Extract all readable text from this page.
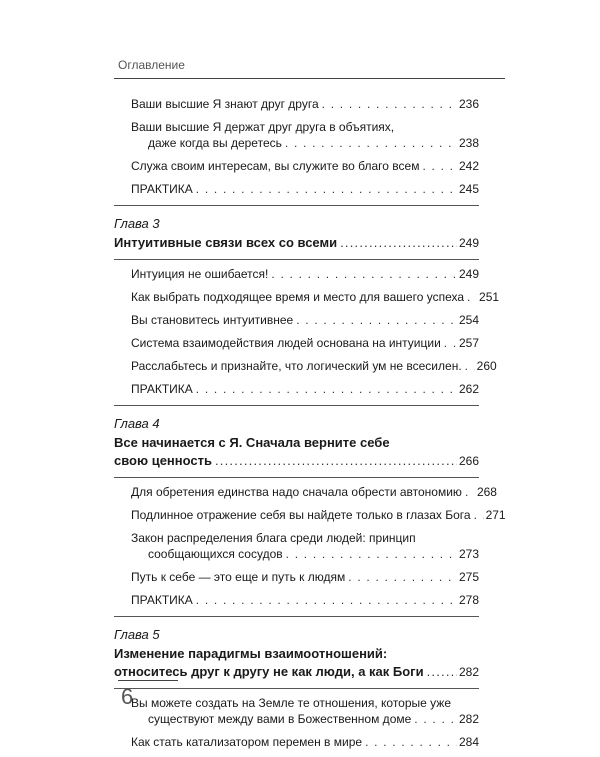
Оглавление
Ваши высшие Я знают друг друга . . .	236
Ваши высшие Я держат друг друга в объятиях,
даже когда вы деретесь . . .	238
Служа своим интересам, вы служите во благо всем . . .	242
ПРАКТИКА . . .	245
Глава 3
Интуитивные связи всех со всеми .....	249
Интуиция не ошибается! . . .	249
Как выбрать подходящее время и место для вашего успеха . . . 251
Вы становитесь интуитивнее . . .	254
Система взаимодействия людей основана на интуиции . . . 257
Расслабьтесь и признайте, что логический ум не всесилен. . . . 260
ПРАКТИКА . . .	262
Глава 4
Все начинается с Я. Сначала верните себе
свою ценность .....	266
Для обретения единства надо сначала обрести автономию . . . 268
Подлинное отражение себя вы найдете только в глазах Бога . . . 271
Закон распределения блага среди людей: принцип
сообщающихся сосудов . . .	273
Путь к себе — это еще и путь к людям . . .	275
ПРАКТИКА . . .	278
Глава 5
Изменение парадигмы взаимоотношений:
относитесь друг к другу не как люди, а как Боги .....	282
Вы можете создать на Земле те отношения, которые уже
существуют между вами в Божественном доме . . .	282
Как стать катализатором перемен в мире . . .	284
6
